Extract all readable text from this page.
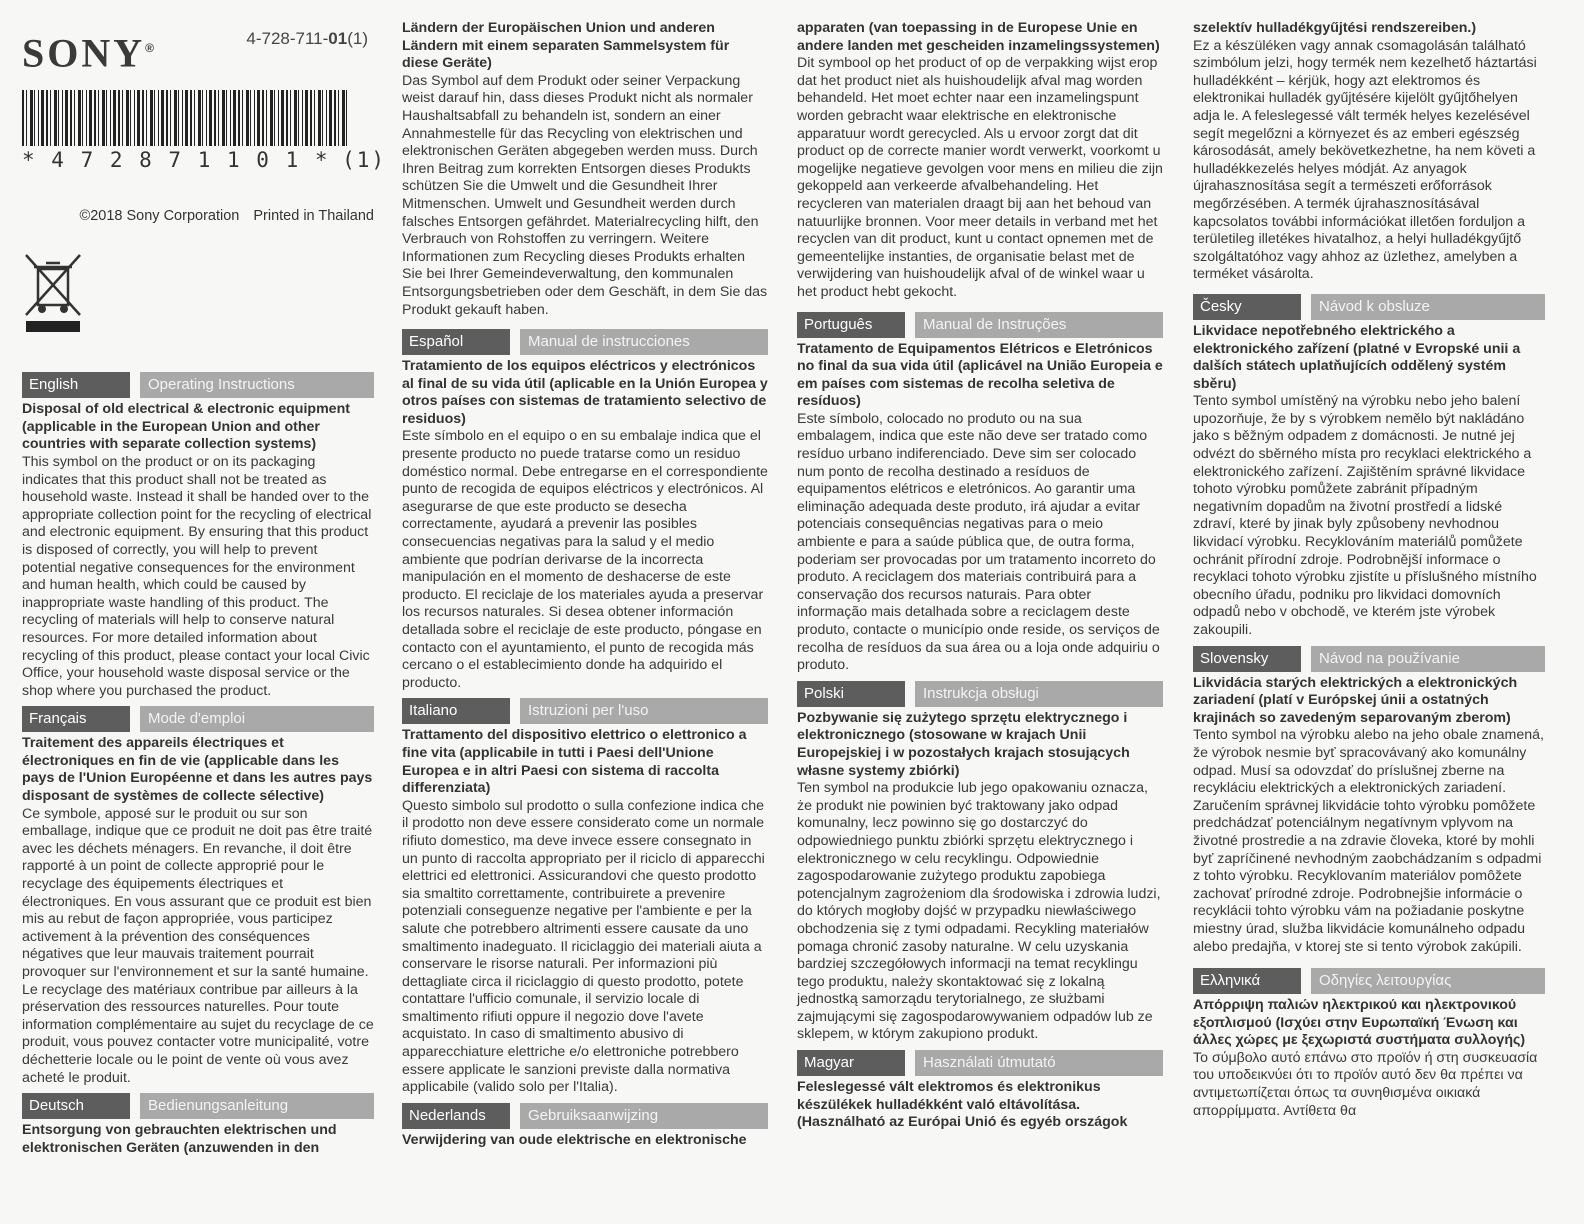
SONY®	4-728-711-01(1)
* 4 7 2 8 7 1 1 0 1 * (1)
©2018 Sony Corporation Printed in Thailand
English	Operating Instructions
Disposal of old electrical & electronic equipment (applicable in the European Union and other countries with separate collection systems)
This symbol on the product or on its packaging indicates that this product shall not be treated as household waste. Instead it shall be handed over to the appropriate collection point for the recycling of electrical and electronic equipment. By ensuring that this product is disposed of correctly, you will help to prevent potential negative consequences for the environment and human health, which could be caused by inappropriate waste handling of this product. The recycling of materials will help to conserve natural resources. For more detailed information about recycling of this product, please contact your local Civic Office, your household waste disposal service or the shop where you purchased the product.
Français	Mode d'emploi
Traitement des appareils électriques et électroniques en fin de vie (applicable dans les pays de l'Union Européenne et dans les autres pays disposant de systèmes de collecte sélective)
Ce symbole, apposé sur le produit ou sur son emballage, indique que ce produit ne doit pas être traité avec les déchets ménagers. En revanche, il doit être rapporté à un point de collecte approprié pour le recyclage des équipements électriques et électroniques. En vous assurant que ce produit est bien mis au rebut de façon appropriée, vous participez activement à la prévention des conséquences négatives que leur mauvais traitement pourrait provoquer sur l'environnement et sur la santé humaine. Le recyclage des matériaux contribue par ailleurs à la préservation des ressources naturelles. Pour toute information complémentaire au sujet du recyclage de ce produit, vous pouvez contacter votre municipalité, votre déchetterie locale ou le point de vente où vous avez acheté le produit.
Deutsch	Bedienungsanleitung
Entsorgung von gebrauchten elektrischen und elektronischen Geräten (anzuwenden in den
Ländern der Europäischen Union und anderen Ländern mit einem separaten Sammelsystem für diese Geräte)
Das Symbol auf dem Produkt oder seiner Verpackung weist darauf hin, dass dieses Produkt nicht als normaler Haushaltsabfall zu behandeln ist, sondern an einer Annahmestelle für das Recycling von elektrischen und elektronischen Geräten abgegeben werden muss. Durch Ihren Beitrag zum korrekten Entsorgen dieses Produkts schützen Sie die Umwelt und die Gesundheit Ihrer Mitmenschen. Umwelt und Gesundheit werden durch falsches Entsorgen gefährdet. Materialrecycling hilft, den Verbrauch von Rohstoffen zu verringern. Weitere Informationen zum Recycling dieses Produkts erhalten Sie bei Ihrer Gemeindeverwaltung, den kommunalen Entsorgungsbetrieben oder dem Geschäft, in dem Sie das Produkt gekauft haben.
Español	Manual de instrucciones
Tratamiento de los equipos eléctricos y electrónicos al final de su vida útil (aplicable en la Unión Europea y otros países con sistemas de tratamiento selectivo de residuos)
Este símbolo en el equipo o en su embalaje indica que el presente producto no puede tratarse como un residuo doméstico normal. Debe entregarse en el correspondiente punto de recogida de equipos eléctricos y electrónicos. Al asegurarse de que este producto se desecha correctamente, ayudará a prevenir las posibles consecuencias negativas para la salud y el medio ambiente que podrían derivarse de la incorrecta manipulación en el momento de deshacerse de este producto. El reciclaje de los materiales ayuda a preservar los recursos naturales. Si desea obtener información detallada sobre el reciclaje de este producto, póngase en contacto con el ayuntamiento, el punto de recogida más cercano o el establecimiento donde ha adquirido el producto.
Italiano	Istruzioni per l'uso
Trattamento del dispositivo elettrico o elettronico a fine vita (applicabile in tutti i Paesi dell'Unione Europea e in altri Paesi con sistema di raccolta differenziata)
Questo simbolo sul prodotto o sulla confezione indica che il prodotto non deve essere considerato come un normale rifiuto domestico, ma deve invece essere consegnato in un punto di raccolta appropriato per il riciclo di apparecchi elettrici ed elettronici. Assicurandovi che questo prodotto sia smaltito correttamente, contribuirete a prevenire potenziali conseguenze negative per l'ambiente e per la salute che potrebbero altrimenti essere causate da uno smaltimento inadeguato. Il riciclaggio dei materiali aiuta a conservare le risorse naturali. Per informazioni più dettagliate circa il riciclaggio di questo prodotto, potete contattare l'ufficio comunale, il servizio locale di smaltimento rifiuti oppure il negozio dove l'avete acquistato. In caso di smaltimento abusivo di apparecchiature elettriche e/o elettroniche potrebbero essere applicate le sanzioni previste dalla normativa applicabile (valido solo per l'Italia).
Nederlands	Gebruiksaanwijzing
Verwijdering van oude elektrische en elektronische
apparaten (van toepassing in de Europese Unie en andere landen met gescheiden inzamelingssystemen)
Dit symbool op het product of op de verpakking wijst erop dat het product niet als huishoudelijk afval mag worden behandeld. Het moet echter naar een inzamelingspunt worden gebracht waar elektrische en elektronische apparatuur wordt gerecycled. Als u ervoor zorgt dat dit product op de correcte manier wordt verwerkt, voorkomt u mogelijke negatieve gevolgen voor mens en milieu die zijn gekoppeld aan verkeerde afvalbehandeling. Het recycleren van materialen draagt bij aan het behoud van natuurlijke bronnen. Voor meer details in verband met het recyclen van dit product, kunt u contact opnemen met de gemeentelijke instanties, de organisatie belast met de verwijdering van huishoudelijk afval of de winkel waar u het product hebt gekocht.
Português	Manual de Instruções
Tratamento de Equipamentos Elétricos e Eletrónicos no final da sua vida útil (aplicável na União Europeia e em países com sistemas de recolha seletiva de resíduos)
Este símbolo, colocado no produto ou na sua embalagem, indica que este não deve ser tratado como resíduo urbano indiferenciado. Deve sim ser colocado num ponto de recolha destinado a resíduos de equipamentos elétricos e eletrónicos. Ao garantir uma eliminação adequada deste produto, irá ajudar a evitar potenciais consequências negativas para o meio ambiente e para a saúde pública que, de outra forma, poderiam ser provocadas por um tratamento incorreto do produto. A reciclagem dos materiais contribuirá para a conservação dos recursos naturais. Para obter informação mais detalhada sobre a reciclagem deste produto, contacte o município onde reside, os serviços de recolha de resíduos da sua área ou a loja onde adquiriu o produto.
Polski	Instrukcja obsługi
Pozbywanie się zużytego sprzętu elektrycznego i elektronicznego (stosowane w krajach Unii Europejskiej i w pozostałych krajach stosujących własne systemy zbiórki)
Ten symbol na produkcie lub jego opakowaniu oznacza, że produkt nie powinien być traktowany jako odpad komunalny, lecz powinno się go dostarczyć do odpowiedniego punktu zbiórki sprzętu elektrycznego i elektronicznego w celu recyklingu. Odpowiednie zagospodarowanie zużytego produktu zapobiega potencjalnym zagrożeniom dla środowiska i zdrowia ludzi, do których mogłoby dojść w przypadku niewłaściwego obchodzenia się z tymi odpadami. Recykling materiałów pomaga chronić zasoby naturalne. W celu uzyskania bardziej szczegółowych informacji na temat recyklingu tego produktu, należy skontaktować się z lokalną jednostką samorządu terytorialnego, ze służbami zajmującymi się zagospodarowywaniem odpadów lub ze sklepem, w którym zakupiono produkt.
Magyar	Használati útmutató
Feleslegessé vált elektromos és elektronikus készülékek hulladékként való eltávolítása. (Használható az Európai Unió és egyéb országok
szelektív hulladékgyűjtési rendszereiben.)
Ez a készüléken vagy annak csomagolásán található szimbólum jelzi, hogy termék nem kezelhető háztartási hulladékként – kérjük, hogy azt elektromos és elektronikai hulladék gyűjtésére kijelölt gyűjtőhelyen adja le. A feleslegessé vált termék helyes kezelésével segít megelőzni a környezet és az emberi egészség károsodását, amely bekövetkezhetne, ha nem követi a hulladékkezelés helyes módját. Az anyagok újrahasznosítása segít a természeti erőforrások megőrzésében. A termék újrahasznosításával kapcsolatos további információkat illetően forduljon a területileg illetékes hivatalhoz, a helyi hulladékgyűjtő szolgáltatóhoz vagy ahhoz az üzlethez, amelyben a terméket vásárolta.
Česky	Návod k obsluze
Likvidace nepotřebného elektrického a elektronického zařízení (platné v Evropské unii a dalších státech uplatňujících oddělený systém sběru)
Tento symbol umístěný na výrobku nebo jeho balení upozorňuje, že by s výrobkem nemělo být nakládáno jako s běžným odpadem z domácnosti. Je nutné jej odvézt do sběrného místa pro recyklaci elektrického a elektronického zařízení. Zajištěním správné likvidace tohoto výrobku pomůžete zabránit případným negativním dopadům na životní prostředí a lidské zdraví, které by jinak byly způsobeny nevhodnou likvidací výrobku. Recyklováním materiálů pomůžete ochránit přírodní zdroje. Podrobnější informace o recyklaci tohoto výrobku zjistíte u příslušného místního obecního úřadu, podniku pro likvidaci domovních odpadů nebo v obchodě, ve kterém jste výrobek zakoupili.
Slovensky	Návod na používanie
Likvidácia starých elektrických a elektronických zariadení (platí v Európskej únii a ostatných krajinách so zavedeným separovaným zberom)
Tento symbol na výrobku alebo na jeho obale znamená, že výrobok nesmie byť spracovávaný ako komunálny odpad. Musí sa odovzdať do príslušnej zberne na recykláciu elektrických a elektronických zariadení. Zaručením správnej likvidácie tohto výrobku pomôžete predchádzať potenciálnym negatívnym vplyvom na životné prostredie a na zdravie človeka, ktoré by mohli byť zapríčinené nevhodným zaobchádzaním s odpadmi z tohto výrobku. Recyklovaním materiálov pomôžete zachovať prírodné zdroje. Podrobnejšie informácie o recyklácii tohto výrobku vám na požiadanie poskytne miestny úrad, služba likvidácie komunálneho odpadu alebo predajňa, v ktorej ste si tento výrobok zakúpili.
Ελληνικά	Οδηγίες λειτουργίας
Απόρριψη παλιών ηλεκτρικού και ηλεκτρονικού εξοπλισμού (Ισχύει στην Ευρωπαϊκή Ένωση και άλλες χώρες με ξεχωριστά συστήματα συλλογής)
Το σύμβολο αυτό επάνω στο προϊόν ή στη συσκευασία του υποδεικνύει ότι το προϊόν αυτό δεν θα πρέπει να αντιμετωπίζεται όπως τα συνηθισμένα οικιακά απορρίμματα. Αντίθετα θα
